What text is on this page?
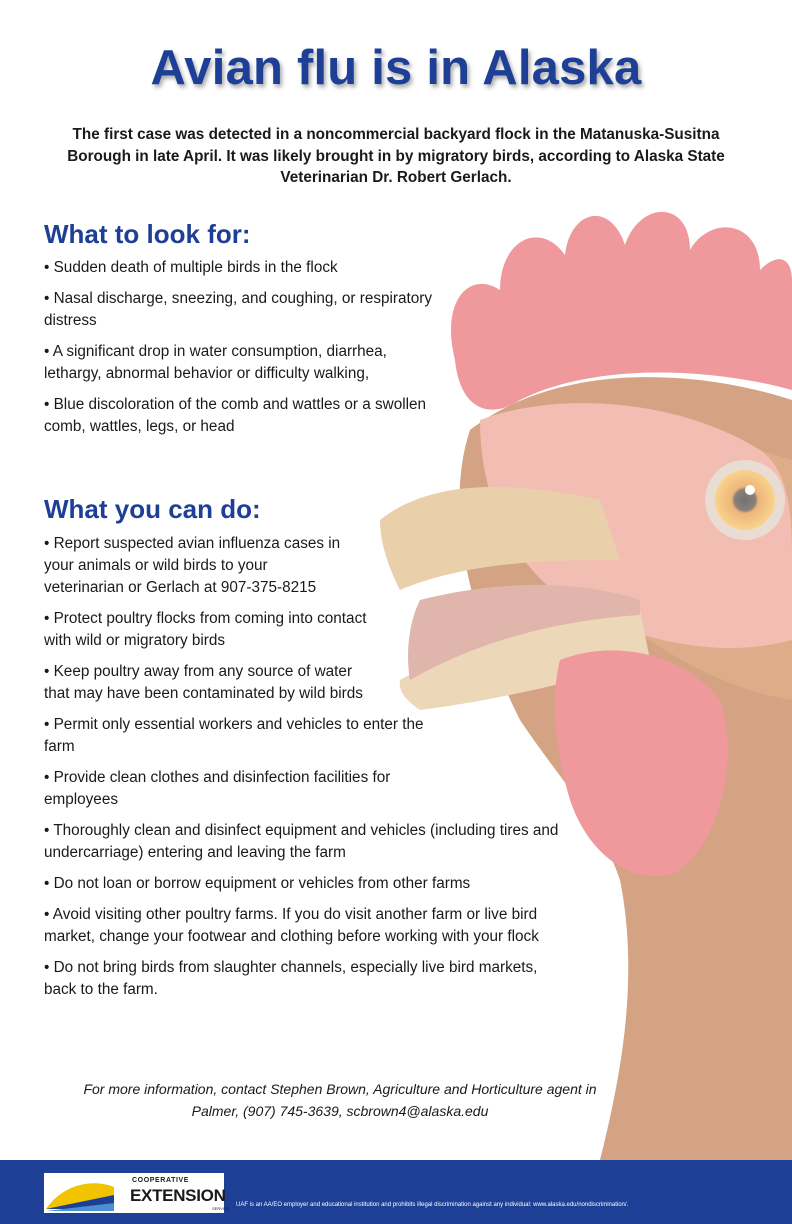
Avian flu is in Alaska
The first case was detected in a noncommercial backyard flock in the Matanuska-Susitna Borough in late April. It was likely brought in by migratory birds, according to Alaska State Veterinarian Dr. Robert Gerlach.
What to look for:
• Sudden death of multiple birds in the flock
• Nasal discharge, sneezing, and coughing, or respiratory distress
• A significant drop in water consumption, diarrhea, lethargy, abnormal behavior or difficulty walking,
• Blue discoloration of the comb and wattles or a swollen comb, wattles, legs, or head
What you can do:
• Report suspected avian influenza cases in your animals or wild birds to your veterinarian or Gerlach at 907-375-8215
• Protect poultry flocks from coming into contact with wild or migratory birds
• Keep poultry away from any source of water that may have been contaminated by wild birds
• Permit only essential workers and vehicles to enter the farm
• Provide clean clothes and disinfection facilities for employees
• Thoroughly clean and disinfect equipment and vehicles (including tires and undercarriage) entering and leaving the farm
• Do not loan or borrow equipment or vehicles from other farms
• Avoid visiting other poultry farms. If you do visit another farm or live bird market, change your footwear and clothing before working with your flock
• Do not bring birds from slaughter channels, especially live bird markets, back to the farm.
For more information, contact Stephen Brown, Agriculture and Horticulture agent in
Palmer, (907) 745-3639, scbrown4@alaska.edu
COOPERATIVE
EXTENSION
SERVICE
UAF is an AA/EO employer and educational institution and prohibits illegal discrimination against any individual: www.alaska.edu/nondiscrimination/.
